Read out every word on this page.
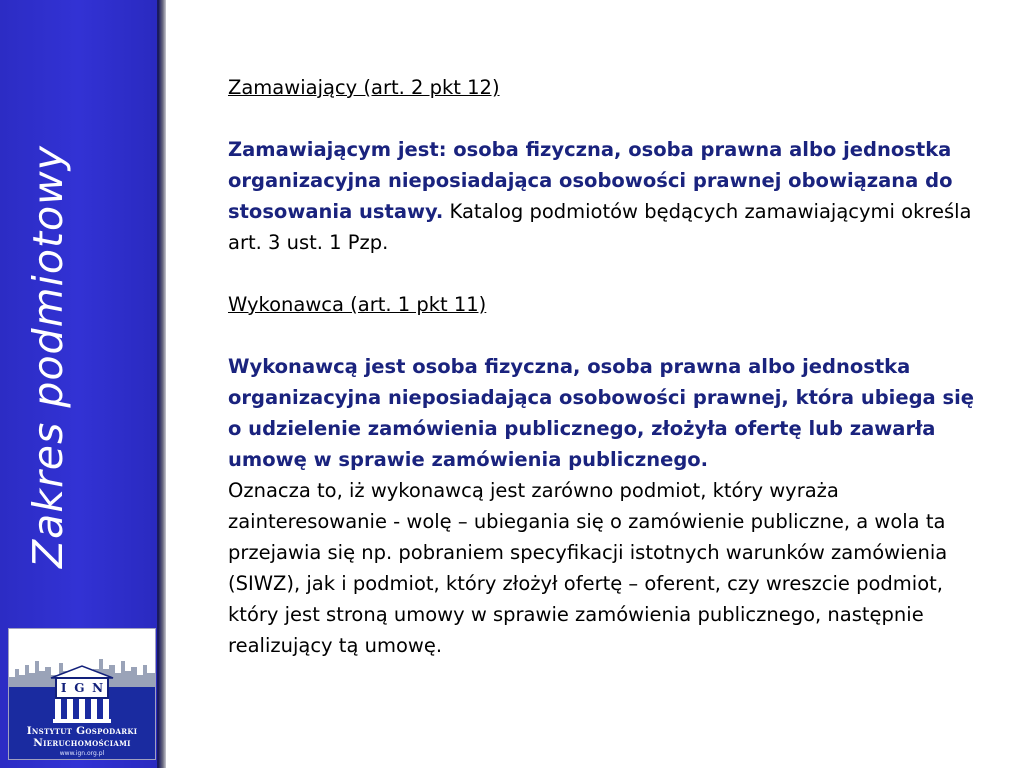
Zakres podmiotowy
I G N
Instytut Gospodarki
Nieruchomościami
www.ign.org.pl

Zamawiający (art. 2 pkt 12)

Zamawiającym jest: osoba fizyczna, osoba prawna albo jednostka organizacyjna nieposiadająca osobowości prawnej obowiązana do stosowania ustawy. Katalog podmiotów będących zamawiającymi określa art. 3 ust. 1 Pzp.

Wykonawca (art. 1 pkt 11)

Wykonawcą jest osoba fizyczna, osoba prawna albo jednostka organizacyjna nieposiadająca osobowości prawnej, która ubiega się o udzielenie zamówienia publicznego, złożyła ofertę lub zawarła umowę w sprawie zamówienia publicznego.

Oznacza to, iż wykonawcą jest zarówno podmiot, który wyraża zainteresowanie - wolę – ubiegania się o zamówienie publiczne, a wola ta przejawia się np. pobraniem specyfikacji istotnych warunków zamówienia (SIWZ), jak i podmiot, który złożył ofertę – oferent, czy wreszcie podmiot, który jest stroną umowy w sprawie zamówienia publicznego, następnie realizujący tą umowę.
